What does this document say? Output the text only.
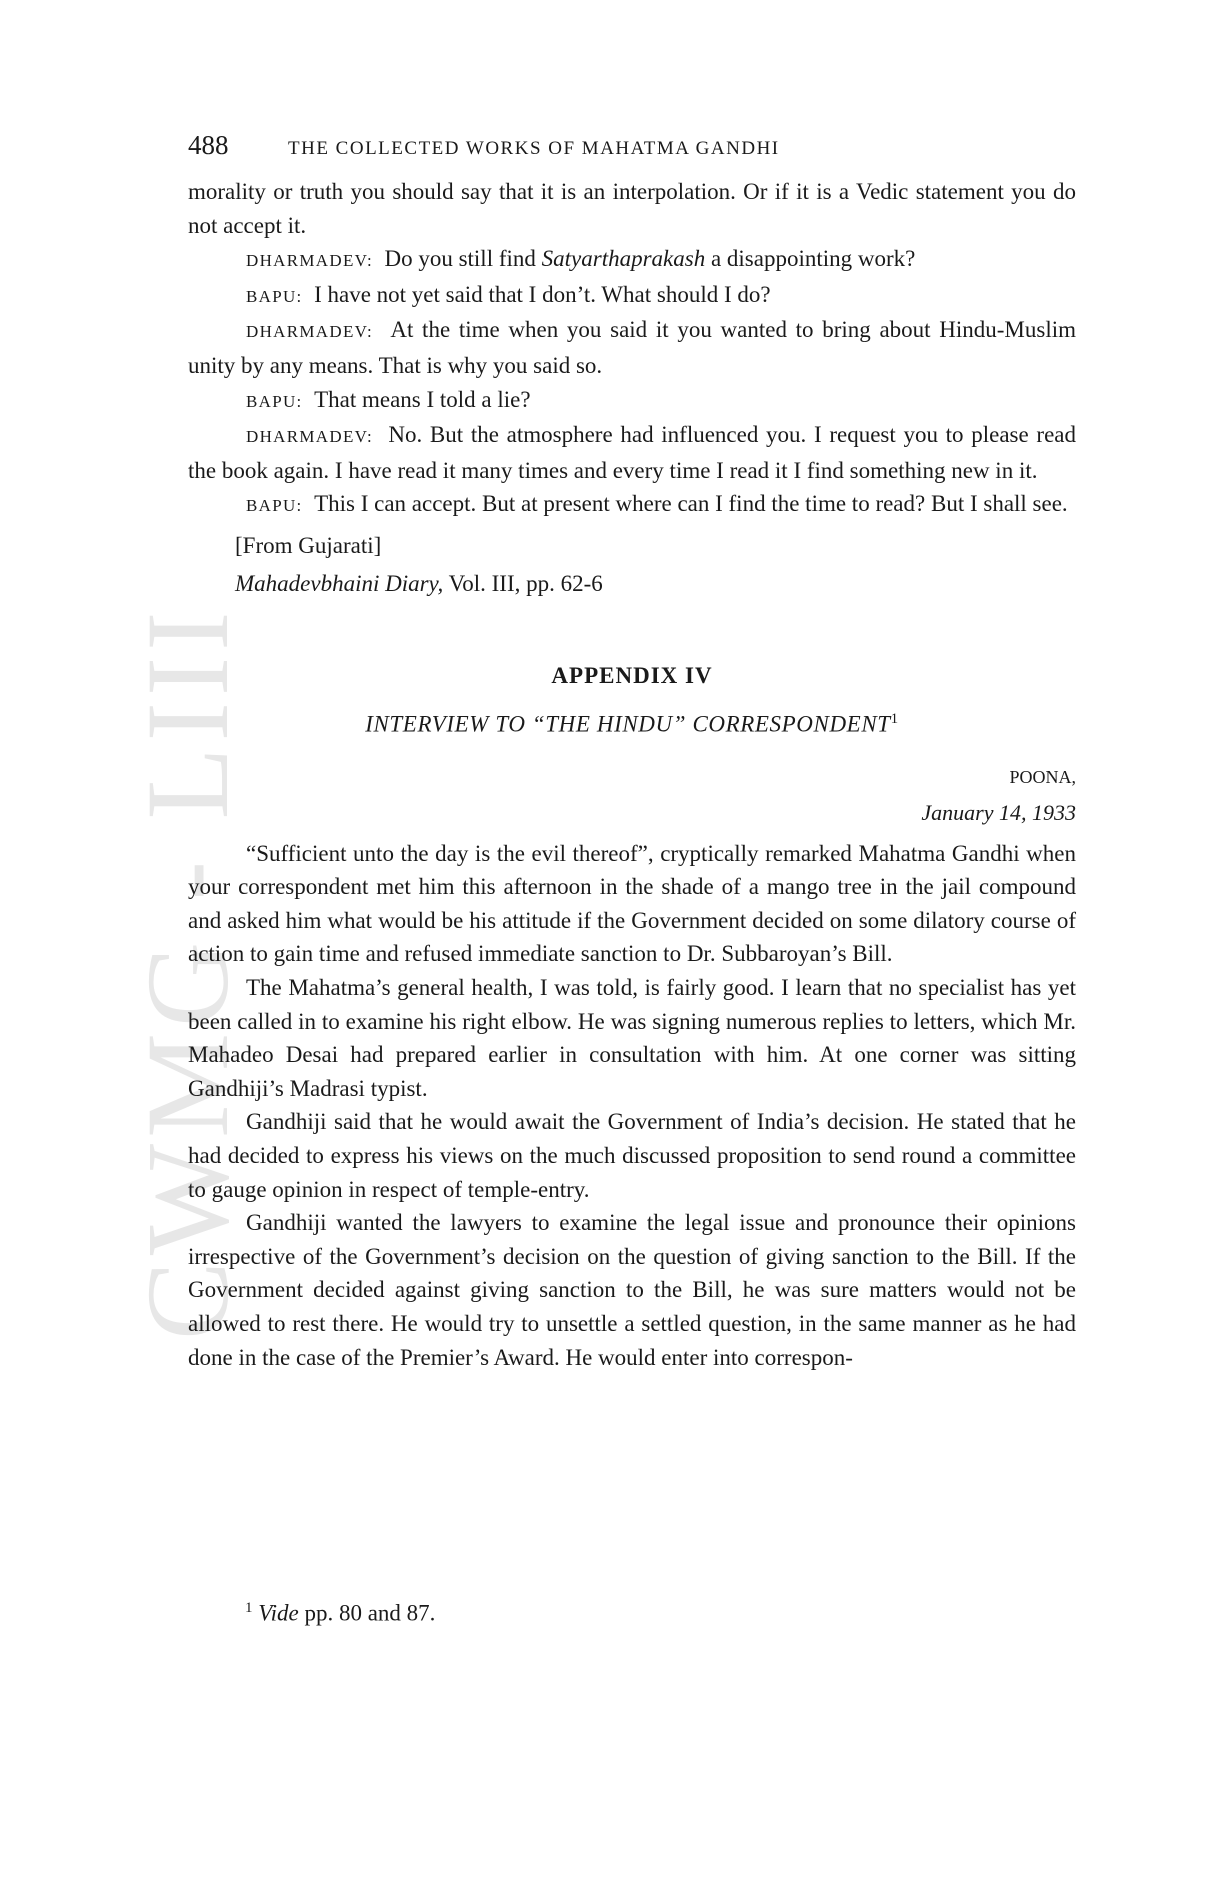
CWMG - LIII
488	THE COLLECTED WORKS OF MAHATMA GANDHI

morality or truth you should say that it is an interpolation. Or if it is a Vedic statement you do not accept it.

DHARMADEV: Do you still find Satyarthaprakash a disappointing work?

BAPU: I have not yet said that I don’t. What should I do?

DHARMADEV: At the time when you said it you wanted to bring about Hindu-Muslim unity by any means. That is why you said so.

BAPU: That means I told a lie?

DHARMADEV: No. But the atmosphere had influenced you. I request you to please read the book again. I have read it many times and every time I read it I find something new in it.

BAPU: This I can accept. But at present where can I find the time to read? But I shall see.

[From Gujarati]
Mahadevbhaini Diary, Vol. III, pp. 62-6
APPENDIX IV
INTERVIEW TO “THE HINDU” CORRESPONDENT$^1$
POONA,
January 14, 1933

“Sufficient unto the day is the evil thereof”, cryptically remarked Mahatma Gandhi when your correspondent met him this afternoon in the shade of a mango tree in the jail compound and asked him what would be his attitude if the Government decided on some dilatory course of action to gain time and refused immediate sanction to Dr. Subbaroyan’s Bill.

The Mahatma’s general health, I was told, is fairly good. I learn that no specialist has yet been called in to examine his right elbow. He was signing numerous replies to letters, which Mr. Mahadeo Desai had prepared earlier in consultation with him. At one corner was sitting Gandhiji’s Madrasi typist.

Gandhiji said that he would await the Government of India’s decision. He stated that he had decided to express his views on the much discussed proposition to send round a committee to gauge opinion in respect of temple-entry.

Gandhiji wanted the lawyers to examine the legal issue and pronounce their opinions irrespective of the Government’s decision on the question of giving sanction to the Bill. If the Government decided against giving sanction to the Bill, he was sure matters would not be allowed to rest there. He would try to unsettle a settled question, in the same manner as he had done in the case of the Premier’s Award. He would enter into correspon-

$^1$ Vide pp. 80 and 87.
